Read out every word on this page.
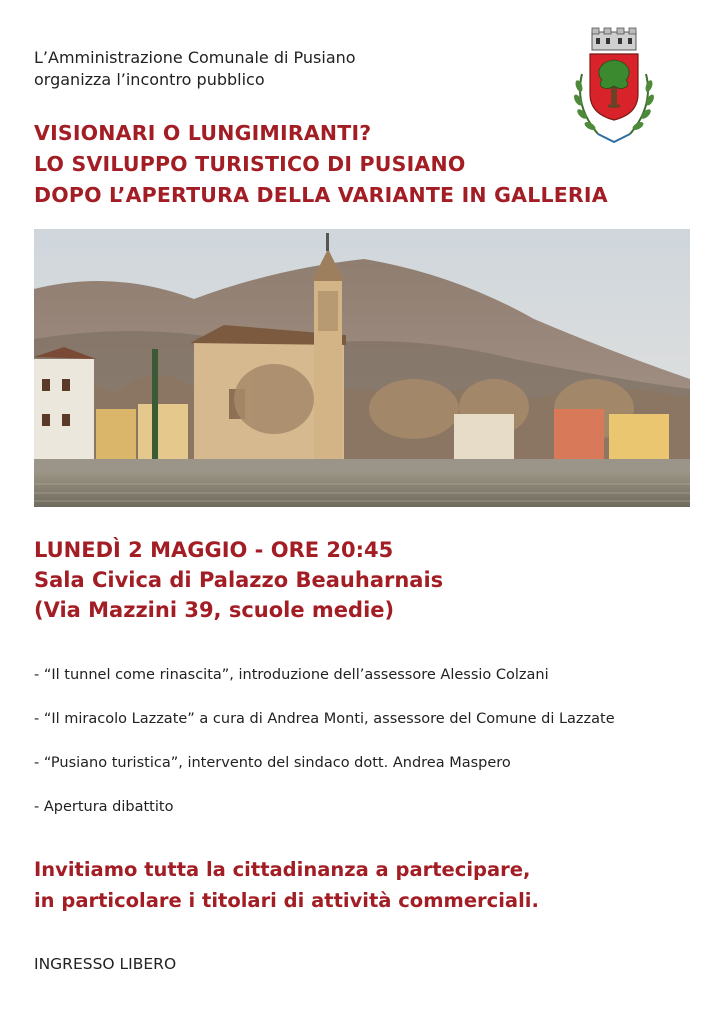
L’Amministrazione Comunale di Pusiano
organizza l’incontro pubblico
VISIONARI O LUNGIMIRANTI?
LO SVILUPPO TURISTICO DI PUSIANO
DOPO L’APERTURA DELLA VARIANTE IN GALLERIA
LUNEDÌ 2 MAGGIO - ORE 20:45
Sala Civica di Palazzo Beauharnais
(Via Mazzini 39, scuole medie)
- “Il tunnel come rinascita”, introduzione dell’assessore Alessio Colzani
- “Il miracolo Lazzate” a cura di Andrea Monti, assessore del Comune di Lazzate
- “Pusiano turistica”, intervento del sindaco dott. Andrea Maspero
- Apertura dibattito
Invitiamo tutta la cittadinanza a partecipare,
in particolare i titolari di attività commerciali.
INGRESSO LIBERO
